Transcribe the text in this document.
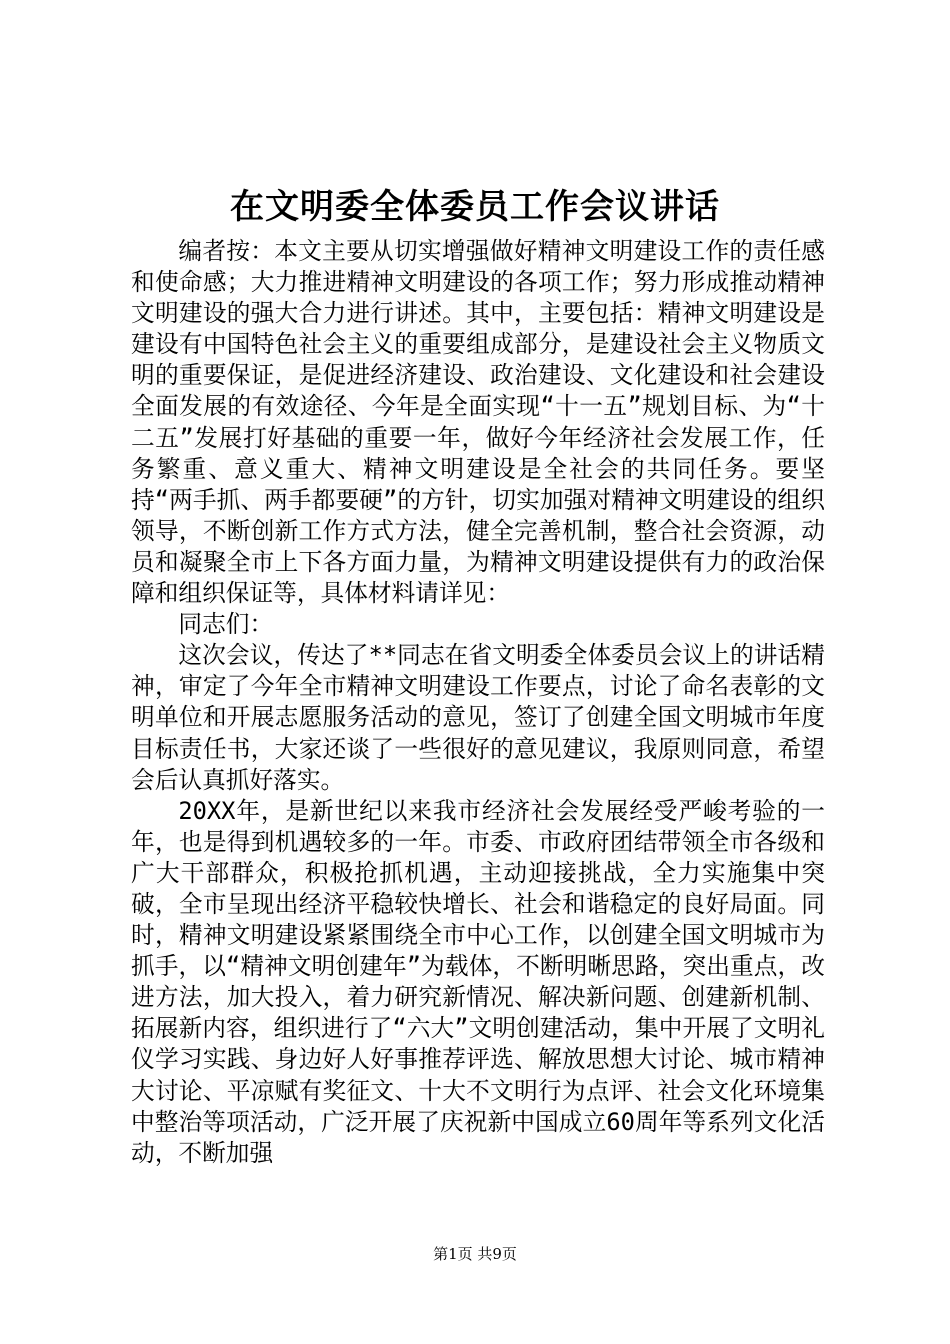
在文明委全体委员工作会议讲话

编者按：本文主要从切实增强做好精神文明建设工作的责任感和使命感；大力推进精神文明建设的各项工作；努力形成推动精神文明建设的强大合力进行讲述。其中，主要包括：精神文明建设是建设有中国特色社会主义的重要组成部分，是建设社会主义物质文明的重要保证，是促进经济建设、政治建设、文化建设和社会建设全面发展的有效途径、今年是全面实现“十一五”规划目标、为“十二五”发展打好基础的重要一年，做好今年经济社会发展工作，任务繁重、意义重大、精神文明建设是全社会的共同任务。要坚持“两手抓、两手都要硬”的方针，切实加强对精神文明建设的组织领导，不断创新工作方式方法，健全完善机制，整合社会资源，动员和凝聚全市上下各方面力量，为精神文明建设提供有力的政治保障和组织保证等，具体材料请详见：

同志们：

这次会议，传达了**同志在省文明委全体委员会议上的讲话精神，审定了今年全市精神文明建设工作要点，讨论了命名表彰的文明单位和开展志愿服务活动的意见，签订了创建全国文明城市年度目标责任书，大家还谈了一些很好的意见建议，我原则同意，希望会后认真抓好落实。

20XX年，是新世纪以来我市经济社会发展经受严峻考验的一年，也是得到机遇较多的一年。市委、市政府团结带领全市各级和广大干部群众，积极抢抓机遇，主动迎接挑战，全力实施集中突破，全市呈现出经济平稳较快增长、社会和谐稳定的良好局面。同时，精神文明建设紧紧围绕全市中心工作，以创建全国文明城市为抓手，以“精神文明创建年”为载体，不断明晰思路，突出重点，改进方法，加大投入，着力研究新情况、解决新问题、创建新机制、拓展新内容，组织进行了“六大”文明创建活动，集中开展了文明礼仪学习实践、身边好人好事推荐评选、解放思想大讨论、城市精神大讨论、平凉赋有奖征文、十大不文明行为点评、社会文化环境集中整治等项活动，广泛开展了庆祝新中国成立60周年等系列文化活动，不断加强

第1页 共9页
